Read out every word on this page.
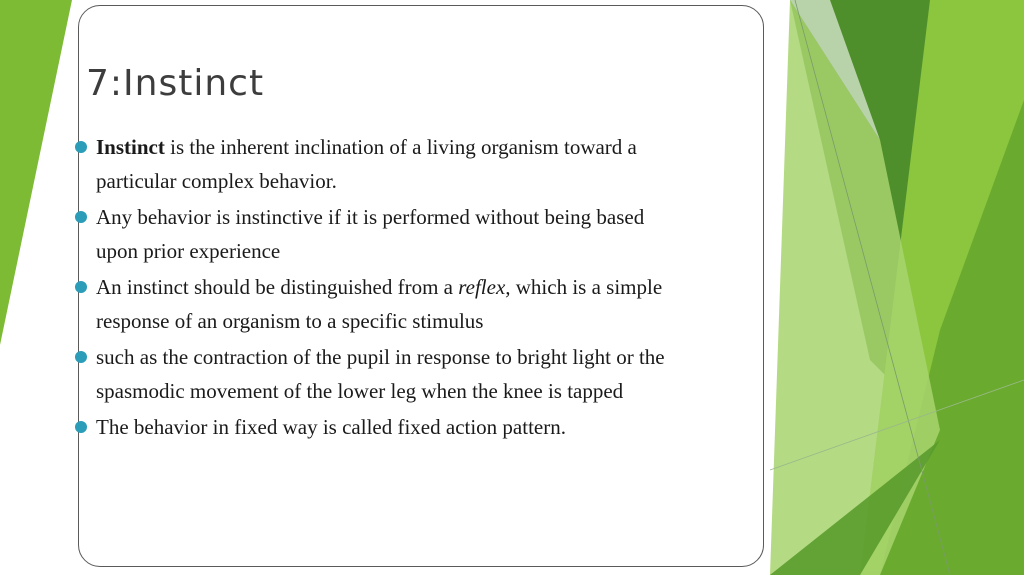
7:Instinct
Instinct is the inherent inclination of a living organism toward a particular complex behavior.
Any behavior is instinctive if it is performed without being based upon prior experience
An instinct should be distinguished from a reflex, which is a simple response of an organism to a specific stimulus
such as the contraction of the pupil in response to bright light or the spasmodic movement of the lower leg when the knee is tapped
The behavior in fixed way is called fixed action pattern.
